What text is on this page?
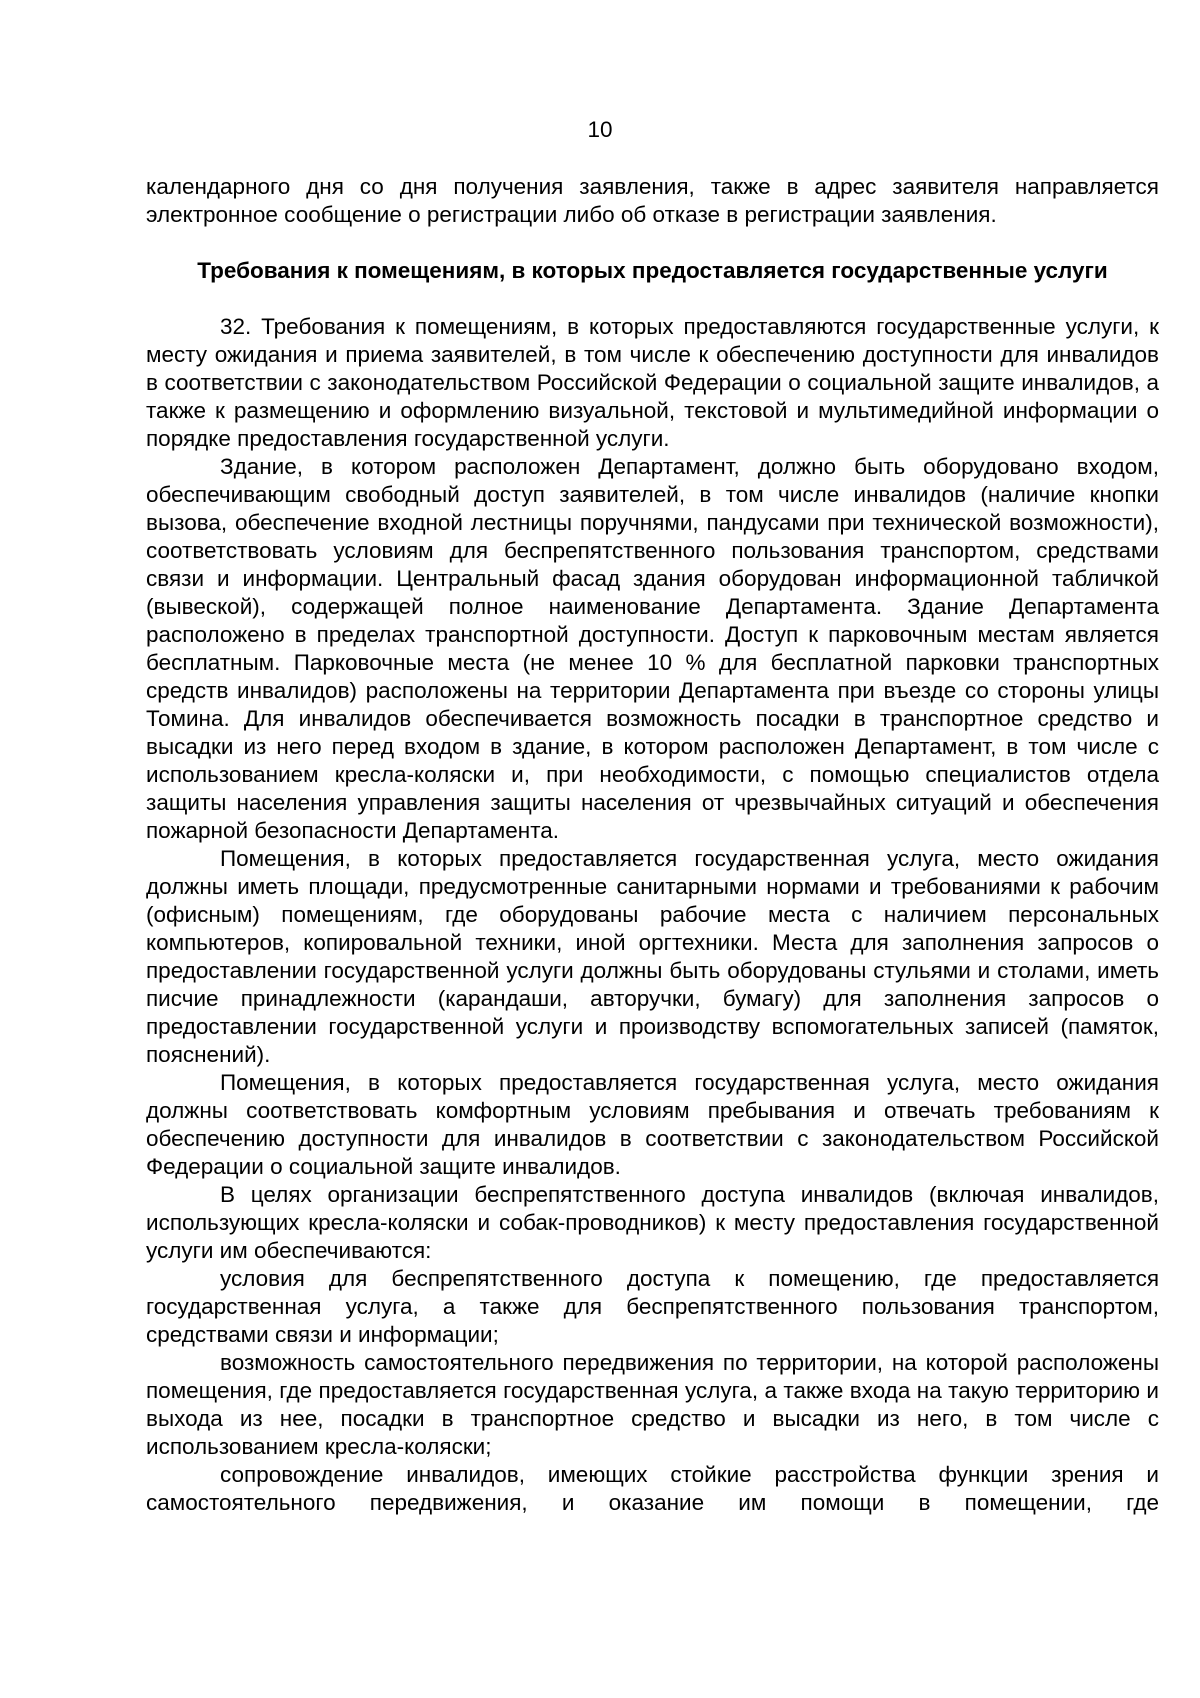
10

календарного дня со дня получения заявления, также в адрес заявителя направляется электронное сообщение о регистрации либо об отказе в регистрации заявления.

Требования к помещениям, в которых предоставляется государственные услуги

32. Требования к помещениям, в которых предоставляются государственные услуги, к месту ожидания и приема заявителей, в том числе к обеспечению доступности для инвалидов в соответствии с законодательством Российской Федерации о социальной защите инвалидов, а также к размещению и оформлению визуальной, текстовой и мультимедийной информации о порядке предоставления государственной услуги.

Здание, в котором расположен Департамент, должно быть оборудовано входом, обеспечивающим свободный доступ заявителей, в том числе инвалидов (наличие кнопки вызова, обеспечение входной лестницы поручнями, пандусами при технической возможности), соответствовать условиям для беспрепятственного пользования транспортом, средствами связи и информации. Центральный фасад здания оборудован информационной табличкой (вывеской), содержащей полное наименование Департамента. Здание Департамента расположено в пределах транспортной доступности. Доступ к парковочным местам является бесплатным. Парковочные места (не менее 10 % для бесплатной парковки транспортных средств инвалидов) расположены на территории Департамента при въезде со стороны улицы Томина. Для инвалидов обеспечивается возможность посадки в транспортное средство и высадки из него перед входом в здание, в котором расположен Департамент, в том числе с использованием кресла-коляски и, при необходимости, с помощью специалистов отдела защиты населения управления защиты населения от чрезвычайных ситуаций и обеспечения пожарной безопасности Департамента.

Помещения, в которых предоставляется государственная услуга, место ожидания должны иметь площади, предусмотренные санитарными нормами и требованиями к рабочим (офисным) помещениям, где оборудованы рабочие места с наличием персональных компьютеров, копировальной техники, иной оргтехники. Места для заполнения запросов о предоставлении государственной услуги должны быть оборудованы стульями и столами, иметь писчие принадлежности (карандаши, авторучки, бумагу) для заполнения запросов о предоставлении государственной услуги и производству вспомогательных записей (памяток, пояснений).

Помещения, в которых предоставляется государственная услуга, место ожидания должны соответствовать комфортным условиям пребывания и отвечать требованиям к обеспечению доступности для инвалидов в соответствии с законодательством Российской Федерации о социальной защите инвалидов.

В целях организации беспрепятственного доступа инвалидов (включая инвалидов, использующих кресла-коляски и собак-проводников) к месту предоставления государственной услуги им обеспечиваются:

условия для беспрепятственного доступа к помещению, где предоставляется государственная услуга, а также для беспрепятственного пользования транспортом, средствами связи и информации;

возможность самостоятельного передвижения по территории, на которой расположены помещения, где предоставляется государственная услуга, а также входа на такую территорию и выхода из нее, посадки в транспортное средство и высадки из него, в том числе с использованием кресла-коляски;

сопровождение инвалидов, имеющих стойкие расстройства функции зрения и самостоятельного передвижения, и оказание им помощи в помещении, где
